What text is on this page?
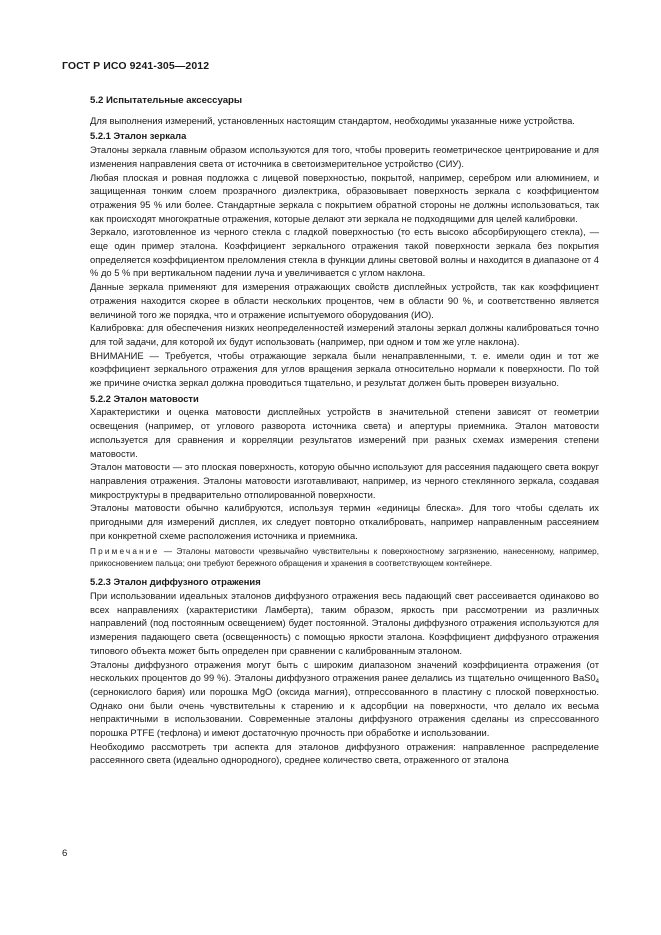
ГОСТ Р ИСО 9241-305—2012

5.2 Испытательные аксессуары

Для выполнения измерений, установленных настоящим стандартом, необходимы указанные ниже устройства.

5.2.1 Эталон зеркала

Эталоны зеркала главным образом используются для того, чтобы проверить геометрическое центрирование и для изменения направления света от источника в светоизмерительное устройство (СИУ).

Любая плоская и ровная подложка с лицевой поверхностью, покрытой, например, серебром или алюминием, и защищенная тонким слоем прозрачного диэлектрика, образовывает поверхность зеркала с коэффициентом отражения 95 % или более. Стандартные зеркала с покрытием обратной стороны не должны использоваться, так как происходят многократные отражения, которые делают эти зеркала не подходящими для целей калибровки.

Зеркало, изготовленное из черного стекла с гладкой поверхностью (то есть высоко абсорбирующего стекла), — еще один пример эталона. Коэффициент зеркального отражения такой поверхности зеркала без покрытия определяется коэффициентом преломления стекла в функции длины световой волны и находится в диапазоне от 4 % до 5 % при вертикальном падении луча и увеличивается с углом наклона.

Данные зеркала применяют для измерения отражающих свойств дисплейных устройств, так как коэффициент отражения находится скорее в области нескольких процентов, чем в области 90 %, и соответственно является величиной того же порядка, что и отражение испытуемого оборудования (ИО).

Калибровка: для обеспечения низких неопределенностей измерений эталоны зеркал должны калиброваться точно для той задачи, для которой их будут использовать (например, при одном и том же угле наклона).

ВНИМАНИЕ — Требуется, чтобы отражающие зеркала были ненаправленными, т. е. имели один и тот же коэффициент зеркального отражения для углов вращения зеркала относительно нормали к поверхности. По той же причине очистка зеркал должна проводиться тщательно, и результат должен быть проверен визуально.

5.2.2 Эталон матовости

Характеристики и оценка матовости дисплейных устройств в значительной степени зависят от геометрии освещения (например, от углового разворота источника света) и апертуры приемника. Эталон матовости используется для сравнения и корреляции результатов измерений при разных схемах измерения степени матовости.

Эталон матовости — это плоская поверхность, которую обычно используют для рассеяния падающего света вокруг направления отражения. Эталоны матовости изготавливают, например, из черного стеклянного зеркала, создавая микроструктуры в предварительно отполированной поверхности.

Эталоны матовости обычно калибруются, используя термин «единицы блеска». Для того чтобы сделать их пригодными для измерений дисплея, их следует повторно откалибровать, например направленным рассеянием при конкретной схеме расположения источника и приемника.

Примечание — Эталоны матовости чрезвычайно чувствительны к поверхностному загрязнению, нанесенному, например, прикосновением пальца; они требуют бережного обращения и хранения в соответствующем контейнере.

5.2.3 Эталон диффузного отражения

При использовании идеальных эталонов диффузного отражения весь падающий свет рассеивается одинаково во всех направлениях (характеристики Ламберта), таким образом, яркость при рассмотрении из различных направлений (под постоянным освещением) будет постоянной. Эталоны диффузного отражения используются для измерения падающего света (освещенность) с помощью яркости эталона. Коэффициент диффузного отражения типового объекта может быть определен при сравнении с калиброванным эталоном.

Эталоны диффузного отражения могут быть с широким диапазоном значений коэффициента отражения (от нескольких процентов до 99 %). Эталоны диффузного отражения ранее делались из тщательно очищенного $BaS0_4$ (сернокислого бария) или порошка MgO (оксида магния), отпрессованного в пластину с плоской поверхностью. Однако они были очень чувствительны к старению и к адсорбции на поверхности, что делало их весьма непрактичными в использовании. Современные эталоны диффузного отражения сделаны из спрессованного порошка PTFE (тефлона) и имеют достаточную прочность при обработке и использовании.

Необходимо рассмотреть три аспекта для эталонов диффузного отражения: направленное распределение рассеянного света (идеально однородного), среднее количество света, отраженного от эталона

6
